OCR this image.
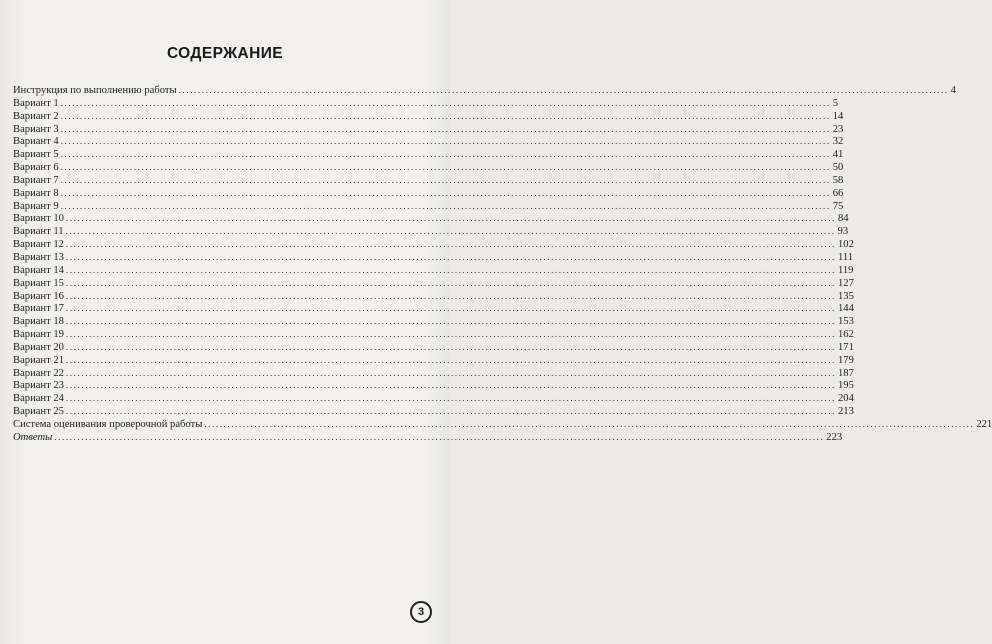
СОДЕРЖАНИЕ
Инструкция по выполнению работы ........................................................................................................................................................................................................ 4
Вариант 1 ........................................................................................................................................................................................................ 5
Вариант 2 ........................................................................................................................................................................................................ 14
Вариант 3 ........................................................................................................................................................................................................ 23
Вариант 4 ........................................................................................................................................................................................................ 32
Вариант 5 ........................................................................................................................................................................................................ 41
Вариант 6 ........................................................................................................................................................................................................ 50
Вариант 7 ........................................................................................................................................................................................................ 58
Вариант 8 ........................................................................................................................................................................................................ 66
Вариант 9 ........................................................................................................................................................................................................ 75
Вариант 10 ........................................................................................................................................................................................................ 84
Вариант 11 ........................................................................................................................................................................................................ 93
Вариант 12 ........................................................................................................................................................................................................ 102
Вариант 13 ........................................................................................................................................................................................................ 111
Вариант 14 ........................................................................................................................................................................................................ 119
Вариант 15 ........................................................................................................................................................................................................ 127
Вариант 16 ........................................................................................................................................................................................................ 135
Вариант 17 ........................................................................................................................................................................................................ 144
Вариант 18 ........................................................................................................................................................................................................ 153
Вариант 19 ........................................................................................................................................................................................................ 162
Вариант 20 ........................................................................................................................................................................................................ 171
Вариант 21 ........................................................................................................................................................................................................ 179
Вариант 22 ........................................................................................................................................................................................................ 187
Вариант 23 ........................................................................................................................................................................................................ 195
Вариант 24 ........................................................................................................................................................................................................ 204
Вариант 25 ........................................................................................................................................................................................................ 213
Система оценивания проверочной работы ........................................................................................................................................................................................................ 221
Ответы ........................................................................................................................................................................................................ 223
3
